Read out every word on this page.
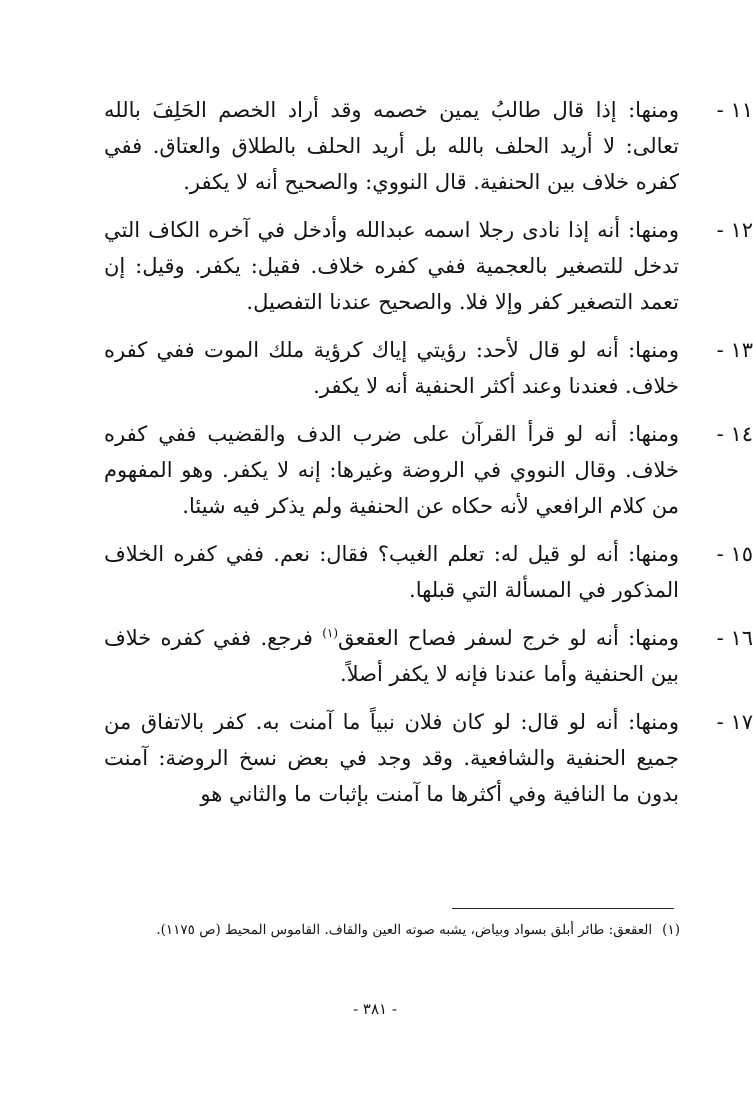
١١ -
ومنها: إذا قال طالبُ يمين خصمه وقد أراد الخصم الحَلِفَ بالله تعالى: لا أريد الحلف بالله بل أريد الحلف بالطلاق والعتاق. ففي كفره خلاف بين الحنفية. قال النووي: والصحيح أنه لا يكفر.
١٢ -
ومنها: أنه إذا نادى رجلا اسمه عبدالله وأدخل في آخره الكاف التي تدخل للتصغير بالعجمية ففي كفره خلاف. فقيل: يكفر. وقيل: إن تعمد التصغير كفر وإلا فلا. والصحيح عندنا التفصيل.
١٣ -
ومنها: أنه لو قال لأحد: رؤيتي إياك كرؤية ملك الموت ففي كفره خلاف. فعندنا وعند أكثر الحنفية أنه لا يكفر.
١٤ -
ومنها: أنه لو قرأ القرآن على ضرب الدف والقضيب ففي كفره خلاف. وقال النووي في الروضة وغيرها: إنه لا يكفر. وهو المفهوم من كلام الرافعي لأنه حكاه عن الحنفية ولم يذكر فيه شيئا.
١٥ -
ومنها: أنه لو قيل له: تعلم الغيب؟ فقال: نعم. ففي كفره الخلاف المذكور في المسألة التي قبلها.
١٦ -
ومنها: أنه لو خرج لسفر فصاح العقعق$^{(١)}$ فرجع. ففي كفره خلاف بين الحنفية وأما عندنا فإنه لا يكفر أصلاً.
١٧ -
ومنها: أنه لو قال: لو كان فلان نبياً ما آمنت به. كفر بالاتفاق من جميع الحنفية والشافعية. وقد وجد في بعض نسخ الروضة: آمنت بدون ما النافية وفي أكثرها ما آمنت بإثبات ما والثاني هو
(١)العقعق: طائر أبلق بسواد وبياض، يشبه صوته العين والقاف. القاموس المحيط (ص ١١٧٥).
- ٣٨١ -
